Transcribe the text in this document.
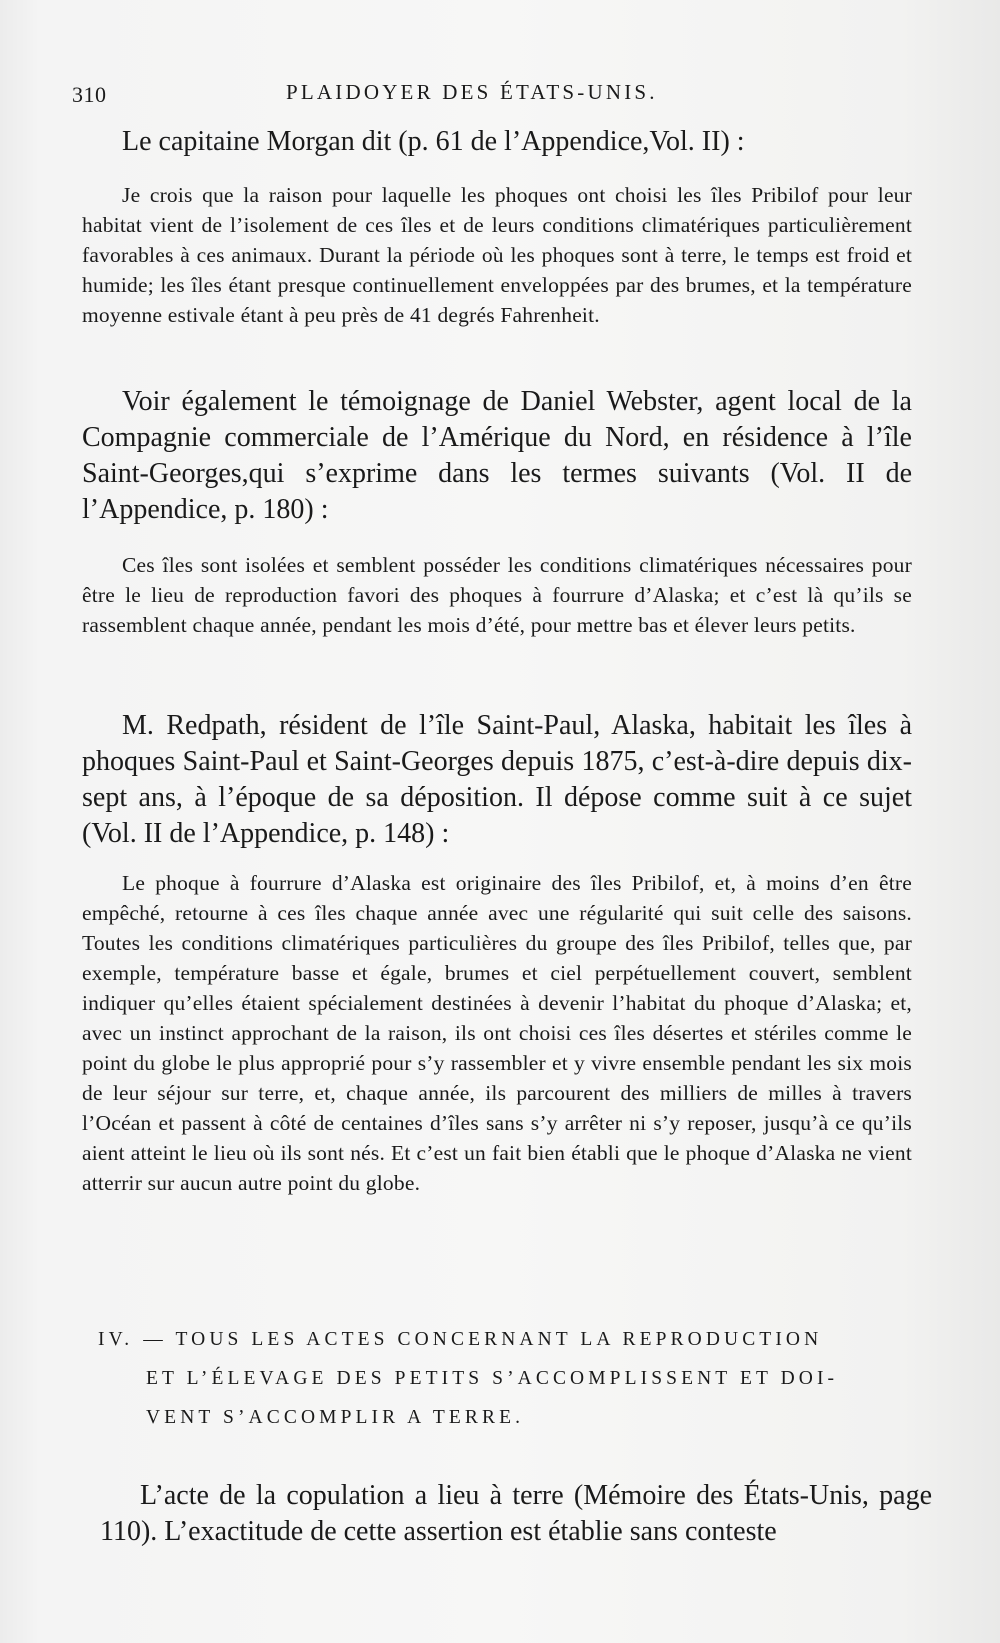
310	PLAIDOYER DES ÉTATS-UNIS.

Le capitaine Morgan dit (p. 61 de l’Appendice,Vol. II) :

Je crois que la raison pour laquelle les phoques ont choisi les îles Pribilof pour leur habitat vient de l’isolement de ces îles et de leurs conditions climatériques particulièrement favorables à ces animaux. Durant la période où les phoques sont à terre, le temps est froid et humide; les îles étant presque continuellement enveloppées par des brumes, et la température moyenne estivale étant à peu près de 41 degrés Fahrenheit.

Voir également le témoignage de Daniel Webster, agent local de la Compagnie commerciale de l’Amérique du Nord, en résidence à l’île Saint-Georges,qui s’exprime dans les termes suivants (Vol. II de l’Appendice, p. 180) :

Ces îles sont isolées et semblent posséder les conditions climatériques nécessaires pour être le lieu de reproduction favori des phoques à fourrure d’Alaska; et c’est là qu’ils se rassemblent chaque année, pendant les mois d’été, pour mettre bas et élever leurs petits.

M. Redpath, résident de l’île Saint-Paul, Alaska, habitait les îles à phoques Saint-Paul et Saint-Georges depuis 1875, c’est-à-dire depuis dix-sept ans, à l’époque de sa déposition. Il dépose comme suit à ce sujet (Vol. II de l’Appendice, p. 148) :

Le phoque à fourrure d’Alaska est originaire des îles Pribilof, et, à moins d’en être empêché, retourne à ces îles chaque année avec une régularité qui suit celle des saisons. Toutes les conditions climatériques particulières du groupe des îles Pribilof, telles que, par exemple, température basse et égale, brumes et ciel perpétuellement couvert, semblent indiquer qu’elles étaient spécialement destinées à devenir l’habitat du phoque d’Alaska; et, avec un instinct approchant de la raison, ils ont choisi ces îles désertes et stériles comme le point du globe le plus approprié pour s’y rassembler et y vivre ensemble pendant les six mois de leur séjour sur terre, et, chaque année, ils parcourent des milliers de milles à travers l’Océan et passent à côté de centaines d’îles sans s’y arrêter ni s’y reposer, jusqu’à ce qu’ils aient atteint le lieu où ils sont nés. Et c’est un fait bien établi que le phoque d’Alaska ne vient atterrir sur aucun autre point du globe.

IV. — TOUS LES ACTES CONCERNANT LA REPRODUCTION
ET L’ÉLEVAGE DES PETITS S’ACCOMPLISSENT ET DOI-
VENT S’ACCOMPLIR A TERRE.

L’acte de la copulation a lieu à terre (Mémoire des États-Unis, page 110). L’exactitude de cette assertion est établie sans conteste
